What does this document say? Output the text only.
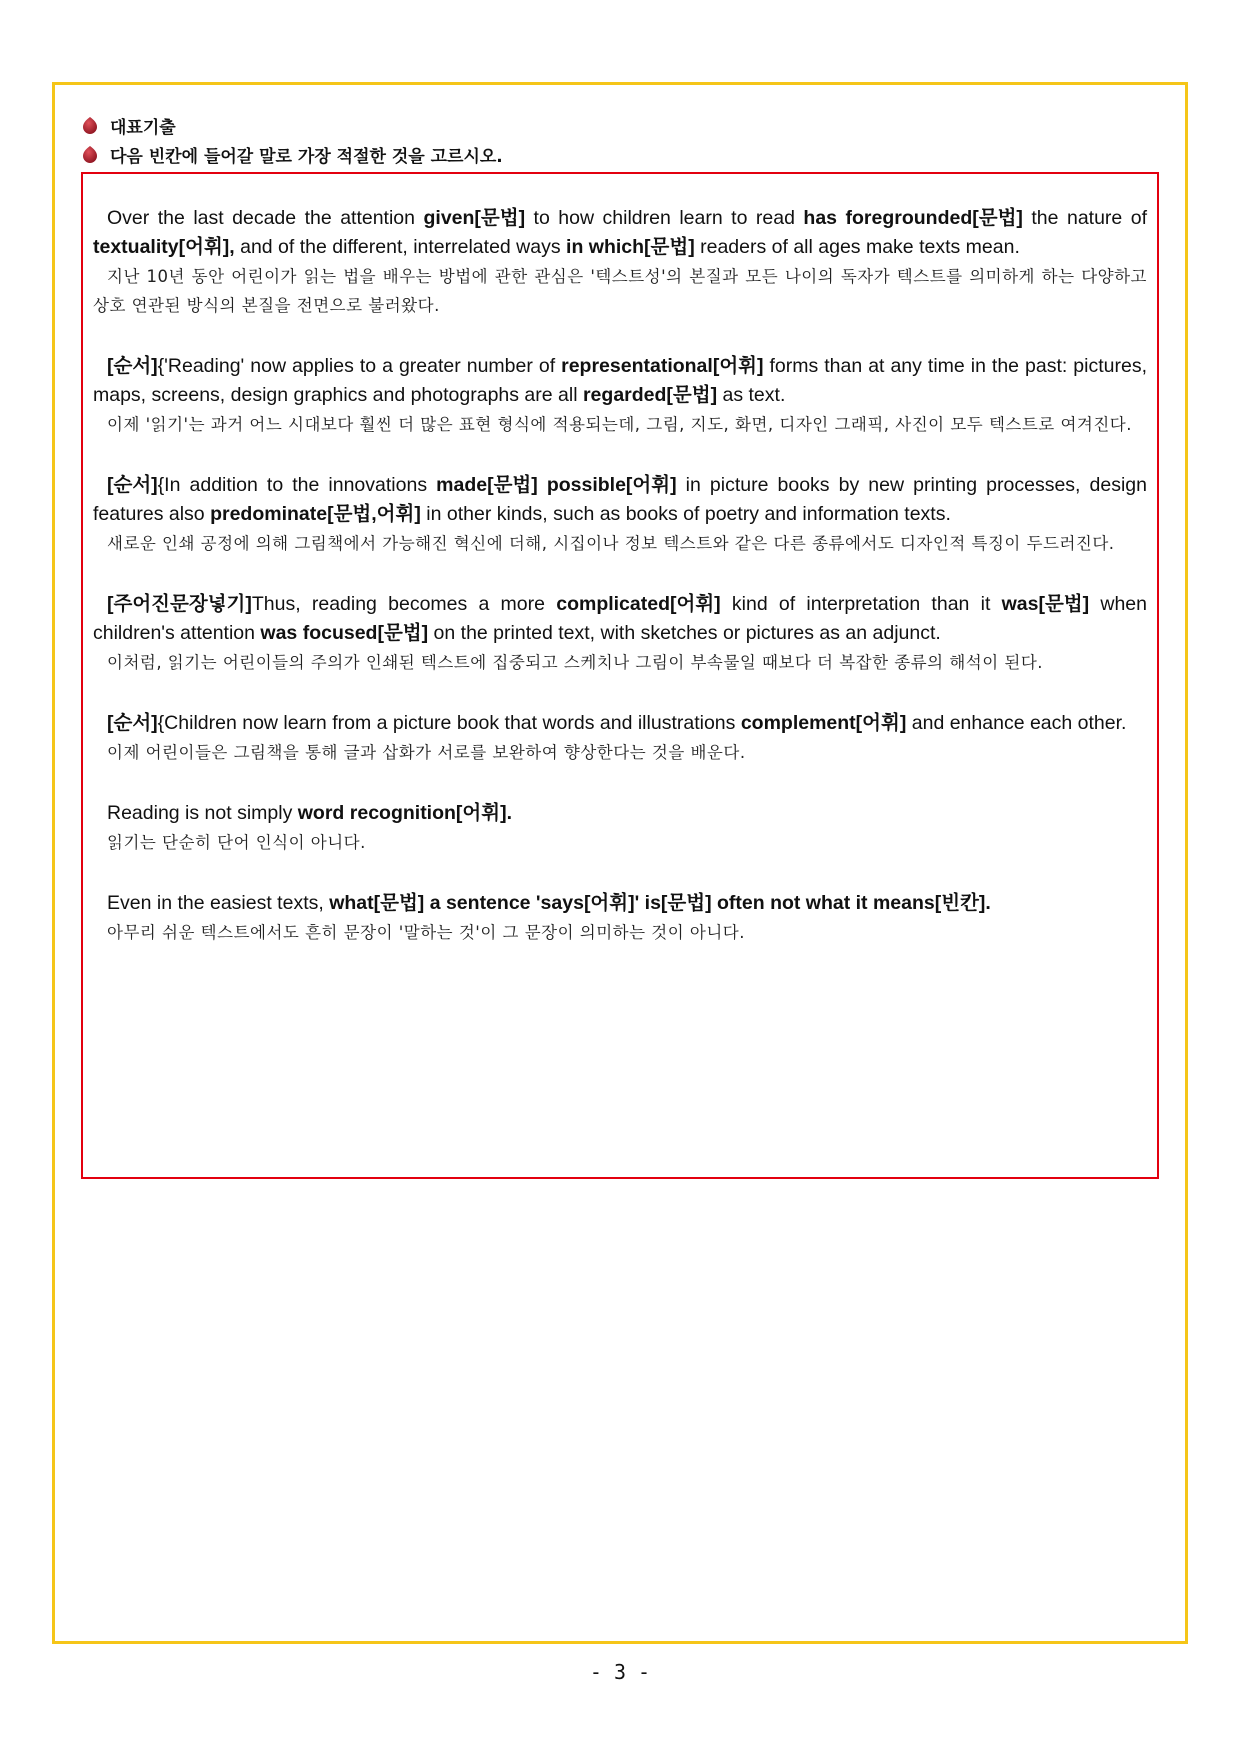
대표기출
다음 빈칸에 들어갈 말로 가장 적절한 것을 고르시오.

Over the last decade the attention given[문법] to how children learn to read has foregrounded[문법] the nature of textuality[어휘], and of the different, interrelated ways in which[문법] readers of all ages make texts mean.

지난 10년 동안 어린이가 읽는 법을 배우는 방법에 관한 관심은 '텍스트성'의 본질과 모든 나이의 독자가 텍스트를 의미하게 하는 다양하고 상호 연관된 방식의 본질을 전면으로 불러왔다.

[순서]{'Reading' now applies to a greater number of representational[어휘] forms than at any time in the past: pictures, maps, screens, design graphics and photographs are all regarded[문법] as text.

이제 '읽기'는 과거 어느 시대보다 훨씬 더 많은 표현 형식에 적용되는데, 그림, 지도, 화면, 디자인 그래픽, 사진이 모두 텍스트로 여겨진다.

[순서]{In addition to the innovations made[문법] possible[어휘] in picture books by new printing processes, design features also predominate[문법,어휘] in other kinds, such as books of poetry and information texts.

새로운 인쇄 공정에 의해 그림책에서 가능해진 혁신에 더해, 시집이나 정보 텍스트와 같은 다른 종류에서도 디자인적 특징이 두드러진다.

[주어진문장넣기]Thus, reading becomes a more complicated[어휘] kind of interpretation than it was[문법] when children's attention was focused[문법] on the printed text, with sketches or pictures as an adjunct.

이처럼, 읽기는 어린이들의 주의가 인쇄된 텍스트에 집중되고 스케치나 그림이 부속물일 때보다 더 복잡한 종류의 해석이 된다.

[순서]{Children now learn from a picture book that words and illustrations complement[어휘] and enhance each other.

이제 어린이들은 그림책을 통해 글과 삽화가 서로를 보완하여 향상한다는 것을 배운다.

Reading is not simply word recognition[어휘].

읽기는 단순히 단어 인식이 아니다.

Even in the easiest texts, what[문법] a sentence 'says[어휘]' is[문법] often not what it means[빈칸].

아무리 쉬운 텍스트에서도 흔히 문장이 '말하는 것'이 그 문장이 의미하는 것이 아니다.

- 3 -
